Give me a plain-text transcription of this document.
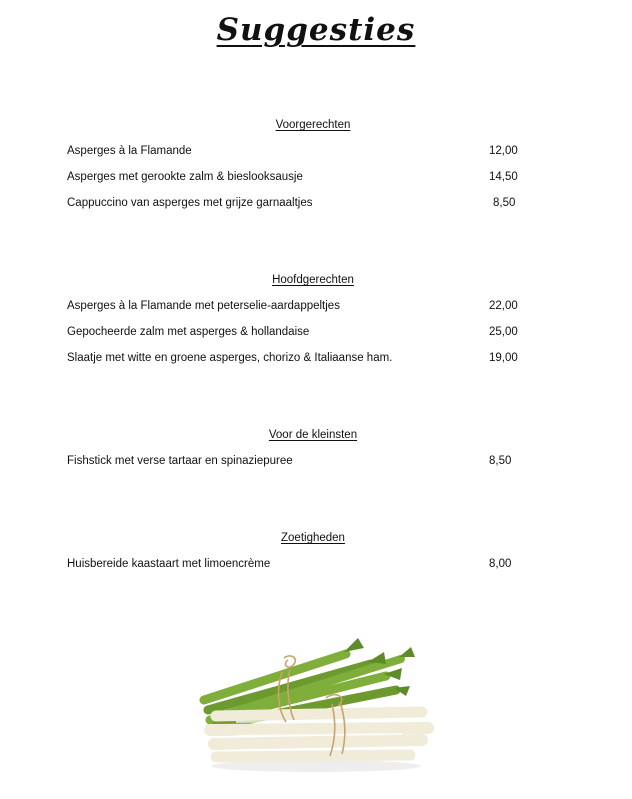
Suggesties
Voorgerechten
Asperges à la Flamande	12,00
Asperges met gerookte zalm & bieslooksausje	14,50
Cappuccino van asperges met grijze garnaaltjes	8,50
Hoofdgerechten
Asperges à la Flamande met peterselie-aardappeltjes	22,00
Gepocheerde zalm met asperges & hollandaise	25,00
Slaatje met witte en groene asperges, chorizo & Italiaanse ham.	19,00
Voor de kleinsten
Fishstick met verse tartaar en spinaziepuree	8,50
Zoetigheden
Huisbereide kaastaart met limoencrème	8,00
